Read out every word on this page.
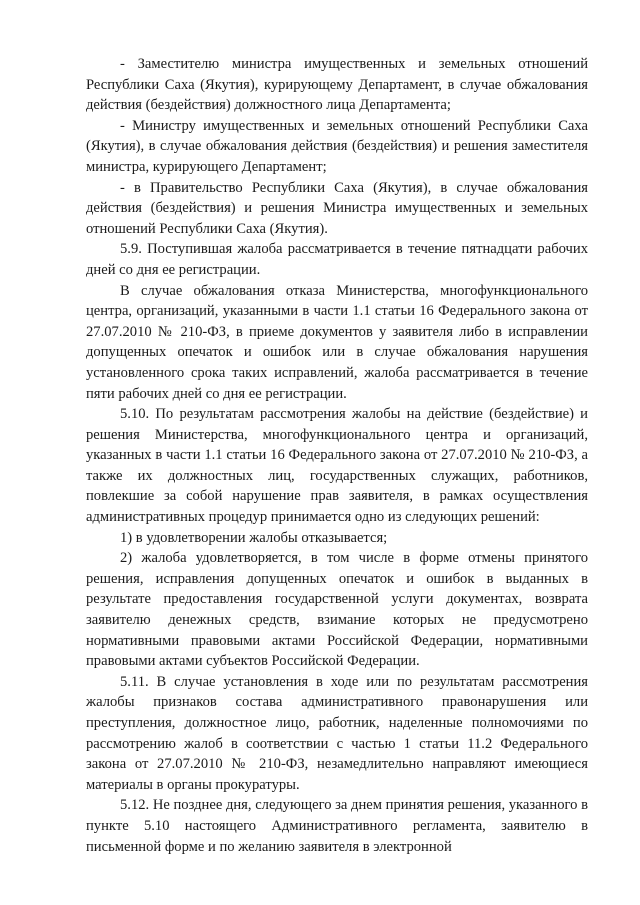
- Заместителю министра имущественных и земельных отношений Республики Саха (Якутия), курирующему Департамент, в случае обжалования действия (бездействия) должностного лица Департамента;

- Министру имущественных и земельных отношений Республики Саха (Якутия), в случае обжалования действия (бездействия) и решения заместителя министра, курирующего Департамент;

- в Правительство Республики Саха (Якутия), в случае обжалования действия (бездействия) и решения Министра имущественных и земельных отношений Республики Саха (Якутия).

5.9. Поступившая жалоба рассматривается в течение пятнадцати рабочих дней со дня ее регистрации.

В случае обжалования отказа Министерства, многофункционального центра, организаций, указанными в части 1.1 статьи 16 Федерального закона от 27.07.2010 № 210-ФЗ, в приеме документов у заявителя либо в исправлении допущенных опечаток и ошибок или в случае обжалования нарушения установленного срока таких исправлений, жалоба рассматривается в течение пяти рабочих дней со дня ее регистрации.

5.10. По результатам рассмотрения жалобы на действие (бездействие) и решения Министерства, многофункционального центра и организаций, указанных в части 1.1 статьи 16 Федерального закона от 27.07.2010 № 210-ФЗ, а также их должностных лиц, государственных служащих, работников, повлекшие за собой нарушение прав заявителя, в рамках осуществления административных процедур принимается одно из следующих решений:

1) в удовлетворении жалобы отказывается;

2) жалоба удовлетворяется, в том числе в форме отмены принятого решения, исправления допущенных опечаток и ошибок в выданных в результате предоставления государственной услуги документах, возврата заявителю денежных средств, взимание которых не предусмотрено нормативными правовыми актами Российской Федерации, нормативными правовыми актами субъектов Российской Федерации.

5.11. В случае установления в ходе или по результатам рассмотрения жалобы признаков состава административного правонарушения или преступления, должностное лицо, работник, наделенные полномочиями по рассмотрению жалоб в соответствии с частью 1 статьи 11.2 Федерального закона от 27.07.2010 № 210-ФЗ, незамедлительно направляют имеющиеся материалы в органы прокуратуры.

5.12. Не позднее дня, следующего за днем принятия решения, указанного в пункте 5.10 настоящего Административного регламента, заявителю в письменной форме и по желанию заявителя в электронной
